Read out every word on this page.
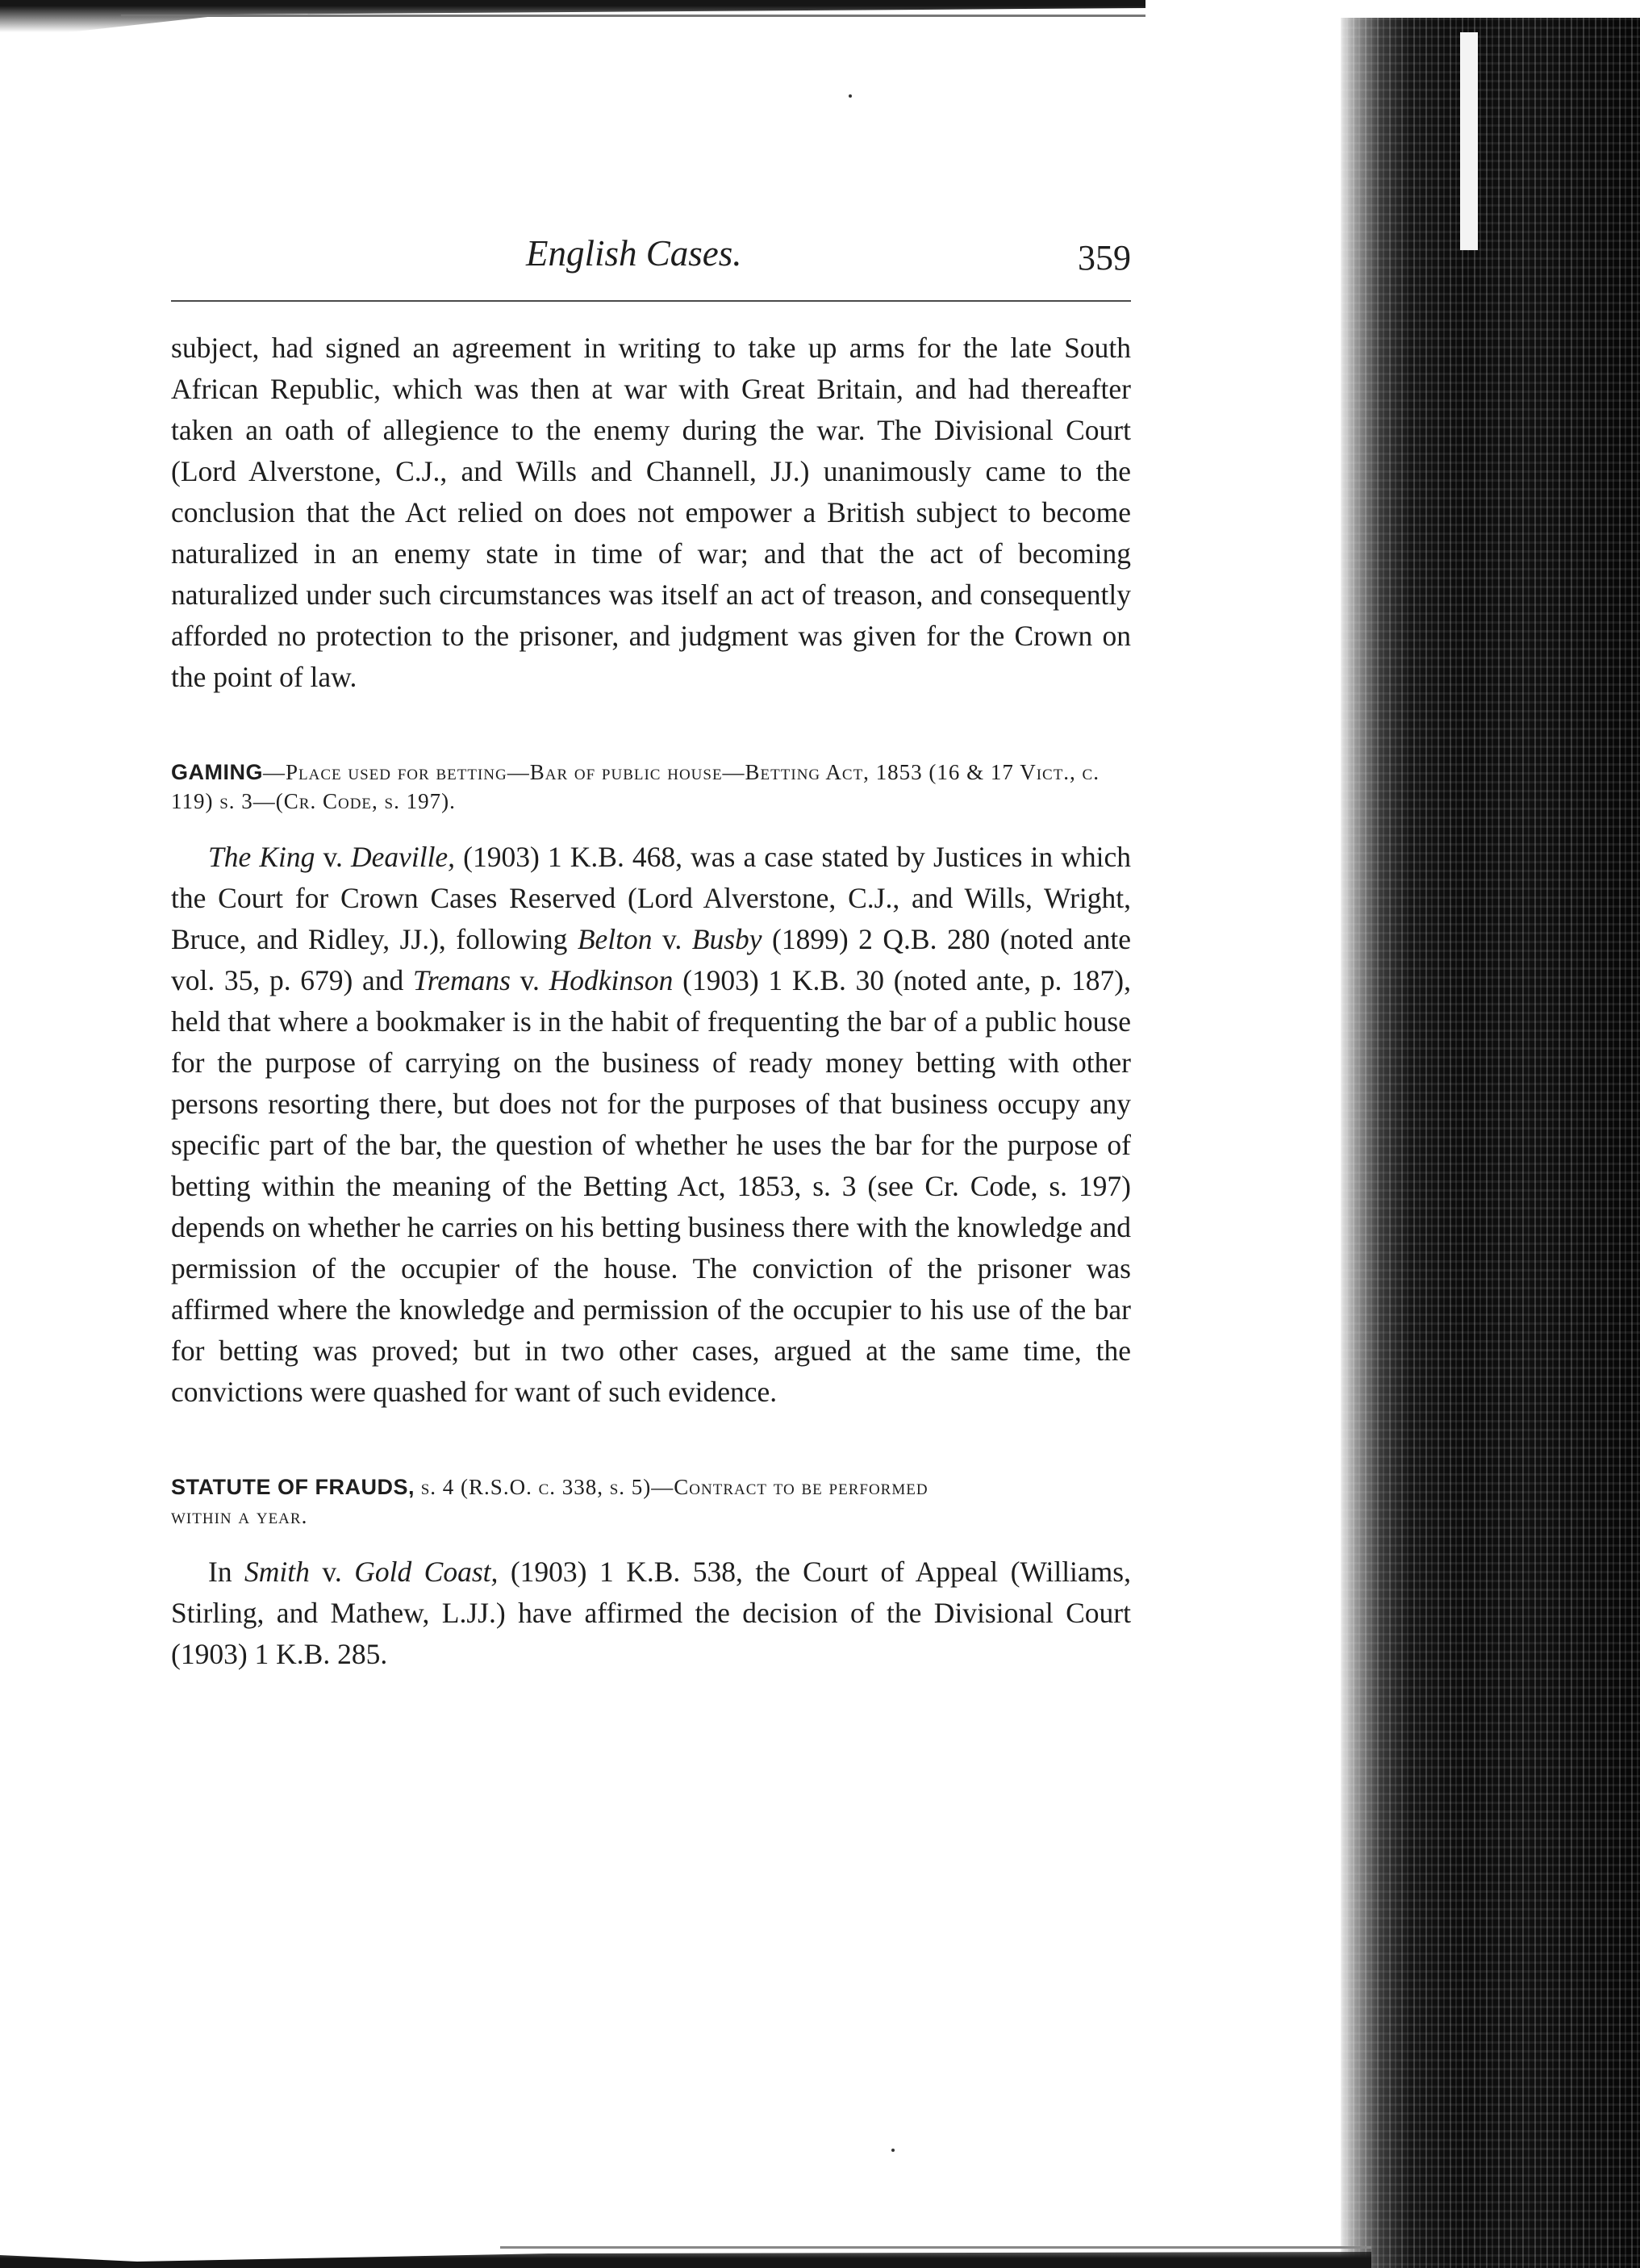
English Cases.	359

subject, had signed an agreement in writing to take up arms for the late South African Republic, which was then at war with Great Britain, and had thereafter taken an oath of allegience to the enemy during the war. The Divisional Court (Lord Alverstone, C.J., and Wills and Channell, JJ.) unanimously came to the conclusion that the Act relied on does not empower a British subject to become naturalized in an enemy state in time of war; and that the act of becoming naturalized under such circumstances was itself an act of treason, and consequently afforded no protection to the prisoner, and judgment was given for the Crown on the point of law.

GAMING—Place used for betting—Bar of public house—Betting Act, 1853 (16 & 17 Vict., c. 119) s. 3—(Cr. Code, s. 197).

The King v. Deaville, (1903) 1 K.B. 468, was a case stated by Justices in which the Court for Crown Cases Reserved (Lord Alverstone, C.J., and Wills, Wright, Bruce, and Ridley, JJ.), following Belton v. Busby (1899) 2 Q.B. 280 (noted ante vol. 35, p. 679) and Tremans v. Hodkinson (1903) 1 K.B. 30 (noted ante, p. 187), held that where a bookmaker is in the habit of frequenting the bar of a public house for the purpose of carrying on the business of ready money betting with other persons resorting there, but does not for the purposes of that business occupy any specific part of the bar, the question of whether he uses the bar for the purpose of betting within the meaning of the Betting Act, 1853, s. 3 (see Cr. Code, s. 197) depends on whether he carries on his betting business there with the knowledge and permission of the occupier of the house. The conviction of the prisoner was affirmed where the knowledge and permission of the occupier to his use of the bar for betting was proved; but in two other cases, argued at the same time, the convictions were quashed for want of such evidence.

STATUTE OF FRAUDS, s. 4 (R.S.O. c. 338, s. 5)—Contract to be performed
within a year.

In Smith v. Gold Coast, (1903) 1 K.B. 538, the Court of Appeal (Williams, Stirling, and Mathew, L.JJ.) have affirmed the decision of the Divisional Court (1903) 1 K.B. 285.
